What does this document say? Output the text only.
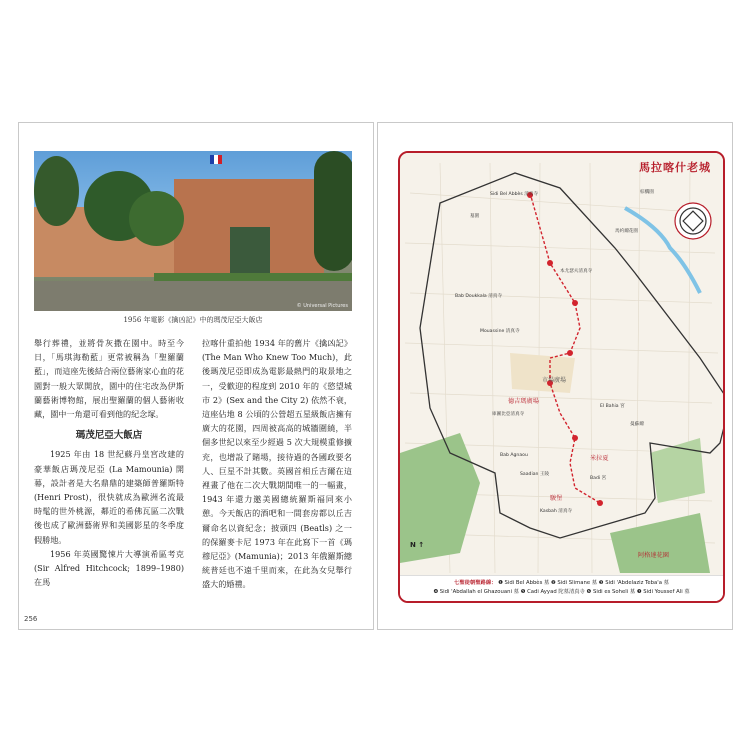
© Universal Pictures
1956 年電影《擒凶記》中的瑪茂尼亞大飯店

舉行葬禮，並將骨灰撒在園中。時至今日，「馬琪海勒藍」更常被稱為「聖羅蘭藍」，而這座先後結合兩位藝術家心血的花園對一般大眾開放，園中的住宅改為伊斯蘭藝術博物館，展出聖羅蘭的個人藝術收藏，園中一角還可看到他的紀念塚。

瑪茂尼亞大飯店

1925 年由 18 世紀蘇丹皇宮改建的豪華飯店瑪茂尼亞 (La Mamounia) 開幕，設計者是大名鼎鼎的建築師普羅斯特 (Henri Prost)，很快就成為歐洲名流最時髦的世外桃源，鄰近的希佛瓦區二次戰後也成了歐洲藝術界和美國影星的冬季度假勝地。

1956 年英國驚悚片大導演希區考克 (Sir Alfred Hitchcock; 1899–1980) 在馬

拉喀什重拍他 1934 年的舊片《擒凶記》(The Man Who Knew Too Much)，此後瑪茂尼亞即成為電影最熱門的取景地之一，受歡迎的程度到 2010 年的《慾望城市 2》(Sex and the City 2) 依然不衰，這座佔地 8 公頃的公營超五星級飯店擁有廣大的花園，四周被高高的城牆圍繞，半個多世紀以來至少經過 5 次大規模重修擴充，也增設了賭場，接待過的各國政要名人、巨星不計其數。英國首相丘吉爾在這裡畫了他在二次大戰期間唯一的一幅畫，1943 年還力邀美國總統羅斯福同來小憩。今天飯店的酒吧和一間套房都以丘吉爾命名以資紀念；披頭四 (Beatls) 之一的保羅麥卡尼 1973 年在此寫下一首《瑪穆尼亞》(Mamunia)；2013 年俄羅斯總統普廷也不遠千里而來，在此為女兒舉行盛大的婚禮。

256
馬拉喀什老城
市場廣場
德吉瑪廣場
米拉夏
駿堡
阿格達花園
墓園
曼蘇爾
棕櫚園
Sidi Bel Abbès 清真寺
本尤瑟夫清真寺
Bab Doukkala 清真寺
Mouassine 清真寺
庫圖比亞清真寺
El Bahia 宮
Badi 宮
Saadian 王陵
Bab Agnaou
Kasbah 清真寺
馬約爾花園
N ↑
七聖徒朝聖路線： ❶ Sidi Bel Abbès 墓 ❷ Sidi Slimane 墓 ❸ Sidi 'Abdelaziz Teba'a 墓
❹ Sidi 'Abdallah el Ghazouani 墓 ❺ Cadi Ayyad 陀墓清真寺 ❻ Sidi es Soheli 墓 ❼ Sidi Youssef Ali 墓
